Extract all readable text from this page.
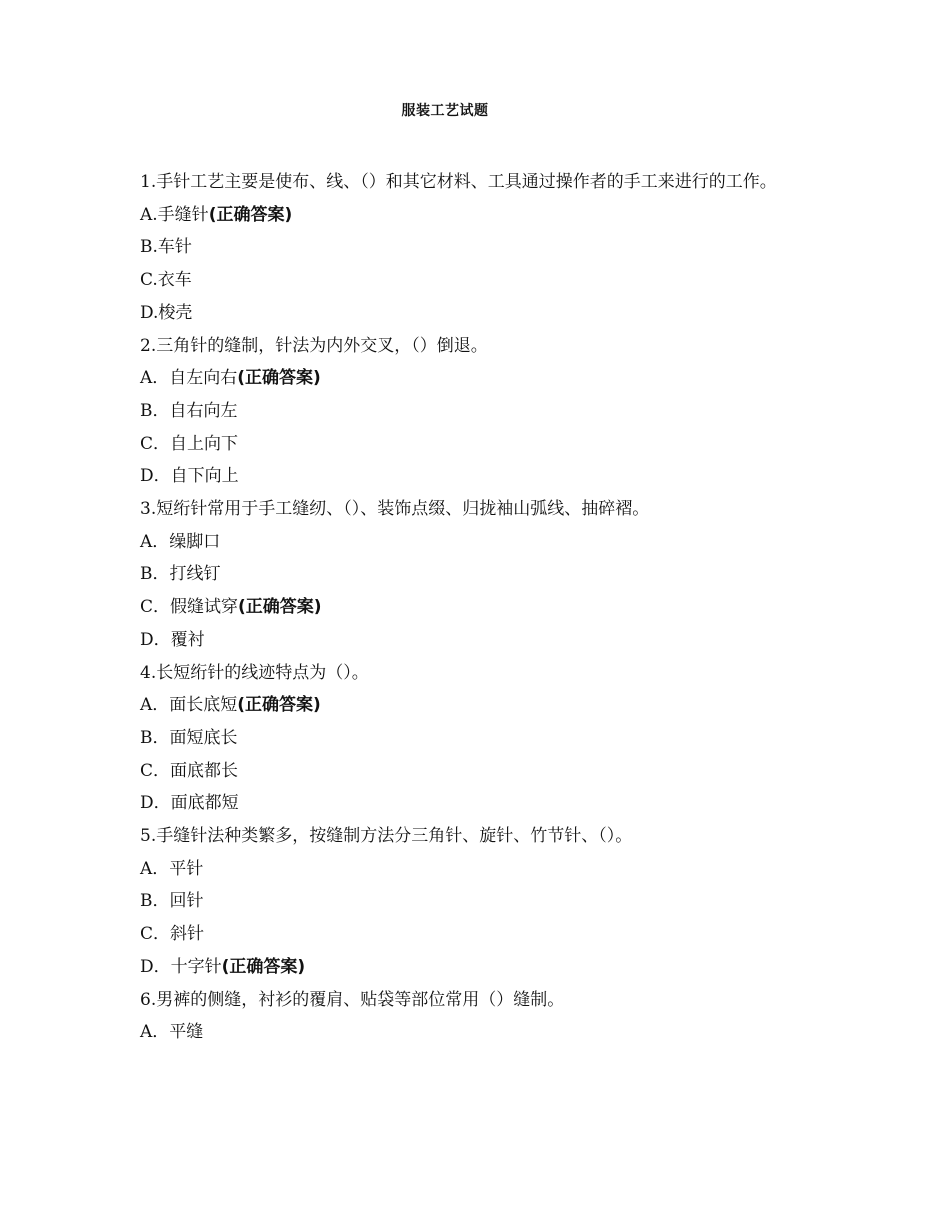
服装工艺试题
1.手针工艺主要是使布、线、（）和其它材料、工具通过操作者的手工来进行的工作。
A.手缝针(正确答案)
B.车针
C.衣车
D.梭壳
2.三角针的缝制，针法为内外交叉，（）倒退。
A．自左向右(正确答案)
B．自右向左
C．自上向下
D．自下向上
3.短绗针常用于手工缝纫、（）、装饰点缀、归拢袖山弧线、抽碎褶。
A．缲脚口
B．打线钉
C．假缝试穿(正确答案)
D．覆衬
4.长短绗针的线迹特点为（）。
A．面长底短(正确答案)
B．面短底长
C．面底都长
D．面底都短
5.手缝针法种类繁多，按缝制方法分三角针、旋针、竹节针、（）。
A．平针
B．回针
C．斜针
D．十字针(正确答案)
6.男裤的侧缝，衬衫的覆肩、贴袋等部位常用（）缝制。
A．平缝
